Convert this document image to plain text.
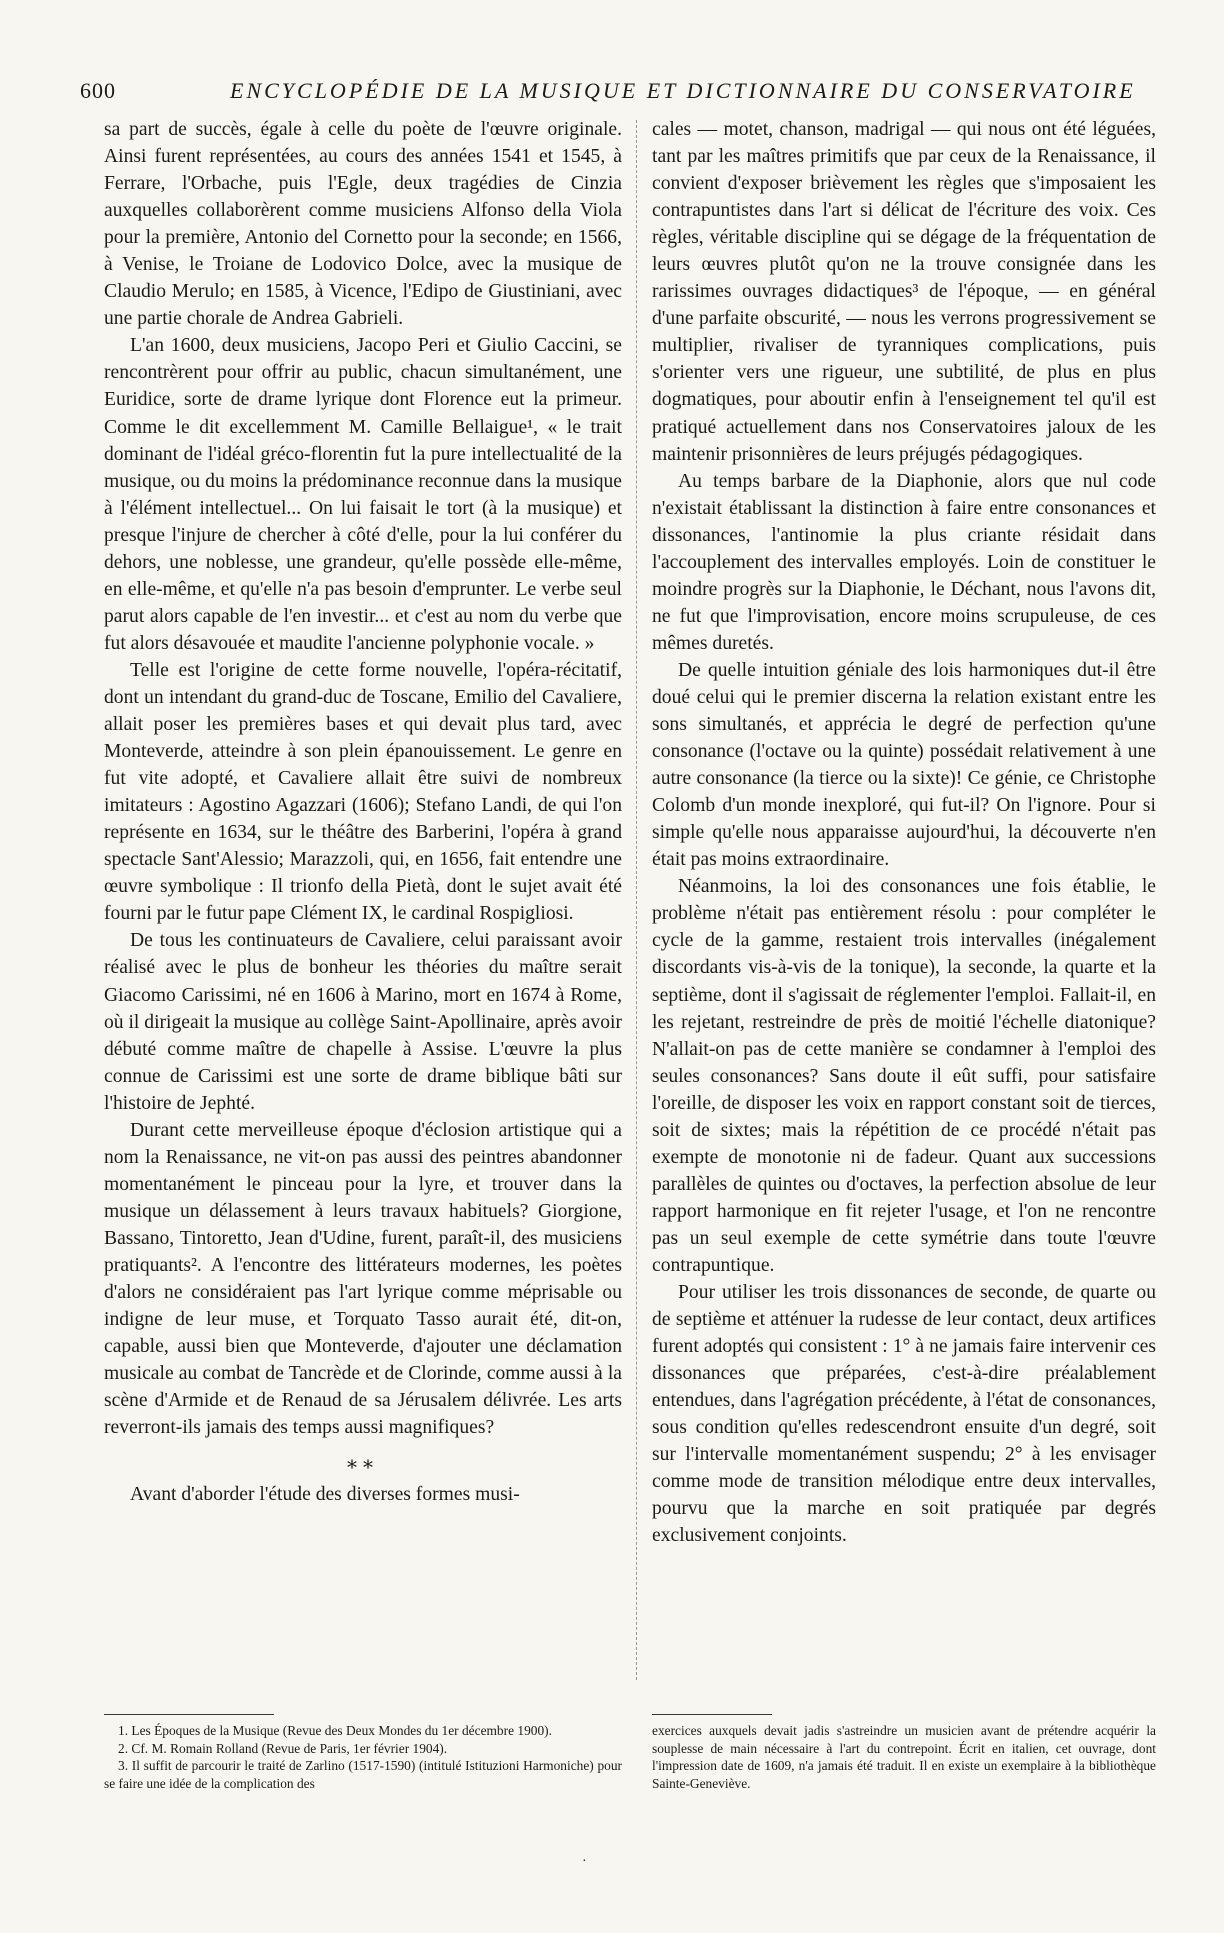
600	ENCYCLOPÉDIE DE LA MUSIQUE ET DICTIONNAIRE DU CONSERVATOIRE

sa part de succès, égale à celle du poète de l'œuvre originale. Ainsi furent représentées, au cours des années 1541 et 1545, à Ferrare, l'Orbache, puis l'Egle, deux tragédies de Cinzia auxquelles collaborèrent comme musiciens Alfonso della Viola pour la première, Antonio del Cornetto pour la seconde; en 1566, à Venise, le Troiane de Lodovico Dolce, avec la musique de Claudio Merulo; en 1585, à Vicence, l'Edipo de Giustiniani, avec une partie chorale de Andrea Gabrieli.

L'an 1600, deux musiciens, Jacopo Peri et Giulio Caccini, se rencontrèrent pour offrir au public, chacun simultanément, une Euridice, sorte de drame lyrique dont Florence eut la primeur. Comme le dit excellemment M. Camille Bellaigue¹, « le trait dominant de l'idéal gréco-florentin fut la pure intellectualité de la musique, ou du moins la prédominance reconnue dans la musique à l'élément intellectuel... On lui faisait le tort (à la musique) et presque l'injure de chercher à côté d'elle, pour la lui conférer du dehors, une noblesse, une grandeur, qu'elle possède elle-même, en elle-même, et qu'elle n'a pas besoin d'emprunter. Le verbe seul parut alors capable de l'en investir... et c'est au nom du verbe que fut alors désavouée et maudite l'ancienne polyphonie vocale. »

Telle est l'origine de cette forme nouvelle, l'opéra-récitatif, dont un intendant du grand-duc de Toscane, Emilio del Cavaliere, allait poser les premières bases et qui devait plus tard, avec Monteverde, atteindre à son plein épanouissement. Le genre en fut vite adopté, et Cavaliere allait être suivi de nombreux imitateurs : Agostino Agazzari (1606); Stefano Landi, de qui l'on représente en 1634, sur le théâtre des Barberini, l'opéra à grand spectacle Sant'Alessio; Marazzoli, qui, en 1656, fait entendre une œuvre symbolique : Il trionfo della Pietà, dont le sujet avait été fourni par le futur pape Clément IX, le cardinal Rospigliosi.

De tous les continuateurs de Cavaliere, celui paraissant avoir réalisé avec le plus de bonheur les théories du maître serait Giacomo Carissimi, né en 1606 à Marino, mort en 1674 à Rome, où il dirigeait la musique au collège Saint-Apollinaire, après avoir débuté comme maître de chapelle à Assise. L'œuvre la plus connue de Carissimi est une sorte de drame biblique bâti sur l'histoire de Jephté.

Durant cette merveilleuse époque d'éclosion artistique qui a nom la Renaissance, ne vit-on pas aussi des peintres abandonner momentanément le pinceau pour la lyre, et trouver dans la musique un délassement à leurs travaux habituels? Giorgione, Bassano, Tintoretto, Jean d'Udine, furent, paraît-il, des musiciens pratiquants². A l'encontre des littérateurs modernes, les poètes d'alors ne considéraient pas l'art lyrique comme méprisable ou indigne de leur muse, et Torquato Tasso aurait été, dit-on, capable, aussi bien que Monteverde, d'ajouter une déclamation musicale au combat de Tancrède et de Clorinde, comme aussi à la scène d'Armide et de Renaud de sa Jérusalem délivrée. Les arts reverront-ils jamais des temps aussi magnifiques?

⁎⁎

Avant d'aborder l'étude des diverses formes musi-

cales — motet, chanson, madrigal — qui nous ont été léguées, tant par les maîtres primitifs que par ceux de la Renaissance, il convient d'exposer brièvement les règles que s'imposaient les contrapuntistes dans l'art si délicat de l'écriture des voix. Ces règles, véritable discipline qui se dégage de la fréquentation de leurs œuvres plutôt qu'on ne la trouve consignée dans les rarissimes ouvrages didactiques³ de l'époque, — en général d'une parfaite obscurité, — nous les verrons progressivement se multiplier, rivaliser de tyranniques complications, puis s'orienter vers une rigueur, une subtilité, de plus en plus dogmatiques, pour aboutir enfin à l'enseignement tel qu'il est pratiqué actuellement dans nos Conservatoires jaloux de les maintenir prisonnières de leurs préjugés pédagogiques.

Au temps barbare de la Diaphonie, alors que nul code n'existait établissant la distinction à faire entre consonances et dissonances, l'antinomie la plus criante résidait dans l'accouplement des intervalles employés. Loin de constituer le moindre progrès sur la Diaphonie, le Déchant, nous l'avons dit, ne fut que l'improvisation, encore moins scrupuleuse, de ces mêmes duretés.

De quelle intuition géniale des lois harmoniques dut-il être doué celui qui le premier discerna la relation existant entre les sons simultanés, et apprécia le degré de perfection qu'une consonance (l'octave ou la quinte) possédait relativement à une autre consonance (la tierce ou la sixte)! Ce génie, ce Christophe Colomb d'un monde inexploré, qui fut-il? On l'ignore. Pour si simple qu'elle nous apparaisse aujourd'hui, la découverte n'en était pas moins extraordinaire.

Néanmoins, la loi des consonances une fois établie, le problème n'était pas entièrement résolu : pour compléter le cycle de la gamme, restaient trois intervalles (inégalement discordants vis-à-vis de la tonique), la seconde, la quarte et la septième, dont il s'agissait de réglementer l'emploi. Fallait-il, en les rejetant, restreindre de près de moitié l'échelle diatonique? N'allait-on pas de cette manière se condamner à l'emploi des seules consonances? Sans doute il eût suffi, pour satisfaire l'oreille, de disposer les voix en rapport constant soit de tierces, soit de sixtes; mais la répétition de ce procédé n'était pas exempte de monotonie ni de fadeur. Quant aux successions parallèles de quintes ou d'octaves, la perfection absolue de leur rapport harmonique en fit rejeter l'usage, et l'on ne rencontre pas un seul exemple de cette symétrie dans toute l'œuvre contrapuntique.

Pour utiliser les trois dissonances de seconde, de quarte ou de septième et atténuer la rudesse de leur contact, deux artifices furent adoptés qui consistent : 1° à ne jamais faire intervenir ces dissonances que préparées, c'est-à-dire préalablement entendues, dans l'agrégation précédente, à l'état de consonances, sous condition qu'elles redescendront ensuite d'un degré, soit sur l'intervalle momentanément suspendu; 2° à les envisager comme mode de transition mélodique entre deux intervalles, pourvu que la marche en soit pratiquée par degrés exclusivement conjoints.

1. Les Époques de la Musique (Revue des Deux Mondes du 1er décembre 1900).

2. Cf. M. Romain Rolland (Revue de Paris, 1er février 1904).

3. Il suffit de parcourir le traité de Zarlino (1517-1590) (intitulé Istituzioni Harmoniche) pour se faire une idée de la complication des

exercices auxquels devait jadis s'astreindre un musicien avant de prétendre acquérir la souplesse de main nécessaire à l'art du contrepoint. Écrit en italien, cet ouvrage, dont l'impression date de 1609, n'a jamais été traduit. Il en existe un exemplaire à la bibliothèque Sainte-Geneviève.

·
